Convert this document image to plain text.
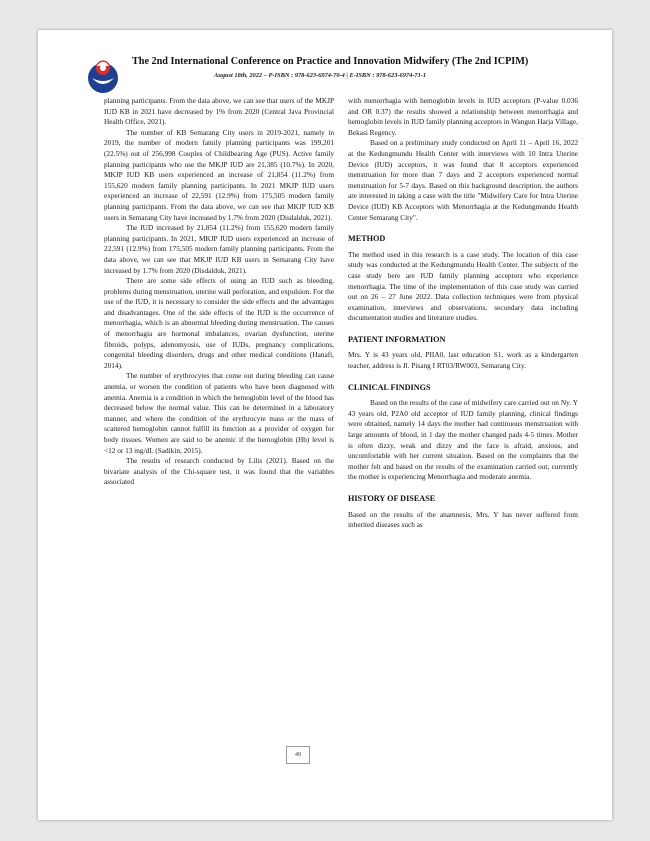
The 2nd International Conference on Practice and Innovation Midwifery (The 2nd ICPIM)
August 18th, 2022 – P-ISBN : 978-623-6974-70-4 | E-ISBN : 978-623-6974-71-1

planning participants. From the data above, we can see that users of the MKJP IUD KB in 2021 have decreased by 1% from 2020 (Central Java Provincial Health Office, 2021).

The number of KB Semarang City users in 2019-2021, namely in 2019, the number of modern family planning participants was 199,201 (22.5%) out of 256,998 Couples of Childbearing Age (PUS). Active family planning participants who use the MKJP IUD are 21,385 (10.7%). In 2020, MKJP IUD KB users experienced an increase of 21,854 (11.2%) from 155,620 modern family planning participants. In 2021 MKJP IUD users experienced an increase of 22,591 (12.9%) from 175,505 modern family planning participants. From the data above, we can see that MKJP IUD KB users in Semarang City have increased by 1.7% from 2020 (Disdalduk, 2021).

The IUD increased by 21,854 (11.2%) from 155,620 modern family planning participants. In 2021, MKJP IUD users experienced an increase of 22,591 (12.9%) from 175,505 modern family planning participants. From the data above, we can see that MKJP IUD KB users in Semarang City have increased by 1.7% from 2020 (Disdalduk, 2021).

There are some side effects of using an IUD such as bleeding, problems during menstruation, uterine wall perforation, and expulsion. For the use of the IUD, it is necessary to consider the side effects and the advantages and disadvantages. One of the side effects of the IUD is the occurrence of menorrhagia, which is an abnormal bleeding during menstruation. The causes of menorrhagia are hormonal imbalances, ovarian dysfunction, uterine fibroids, polyps, adenomyosis, use of IUDs, pregnancy complications, congenital bleeding disorders, drugs and other medical conditions (Hanafi, 2014).

The number of erythrocytes that come out during bleeding can cause anemia, or worsen the condition of patients who have been diagnosed with anemia. Anemia is a condition in which the hemoglobin level of the blood has decreased below the normal value. This can be determined in a laboratory manner, and where the condition of the erythrocyte mass or the mass of scattered hemoglobin cannot fulfill its function as a provider of oxygen for body tissues. Women are said to be anemic if the hemoglobin (Hb) level is <12 or 13 mg/dL (Sadikin, 2015).

The results of research conducted by Lilis (2021). Based on the bivariate analysis of the Chi-square test, it was found that the variables associated

with menorrhagia with hemoglobin levels in IUD acceptors (P-value 0.036 and OR 0.37) the results showed a relationship between menorrhagia and hemoglobin levels in IUD family planning acceptors in Wangun Harja Village, Bekasi Regency.

Based on a preliminary study conducted on April 11 – April 16, 2022 at the Kedungmundu Health Center with interviews with 10 Intra Uterine Device (IUD) acceptors, it was found that 8 acceptors experienced menstruation for more than 7 days and 2 acceptors experienced normal menstruation for 5-7 days. Based on this background description, the authors are interested in taking a case with the title "Midwifery Care for Intra Uterine Device (IUD) KB Acceptors with Menorrhagia at the Kedungmundu Health Center Semarang City".

METHOD

The method used in this research is a case study. The location of this case study was conducted at the Kedungmundu Health Center. The subjects of the case study here are IUD family planning acceptors who experience menorrhagia. The time of the implementation of this case study was carried out on 26 – 27 June 2022. Data collection techniques were from physical examination, interviews and observations, secondary data including documentation studies and literature studies.

PATIENT INFORMATION

Mrs. Y is 43 years old, PIIA0, last education S1, work as a kindergarten teacher, address is Jl. Pisang I RT03/RW003, Semarang City.

CLINICAL FINDINGS

Based on the results of the case of midwifery care carried out on Ny. Y 43 years old, P2A0 old acceptor of IUD family planning, clinical findings were obtained, namely 14 days the mother had continuous menstruation with large amounts of blood, in 1 day the mother changed pads 4-5 times. Mother is often dizzy, weak and dizzy and the face is afraid, anxious, and uncomfortable with her current situation. Based on the complaints that the mother felt and based on the results of the examination carried out, currently the mother is experiencing Menorrhagia and moderate anemia.

HISTORY OF DISEASE

Based on the results of the anamnesis, Mrs. Y has never suffered from inherited diseases such as

49
